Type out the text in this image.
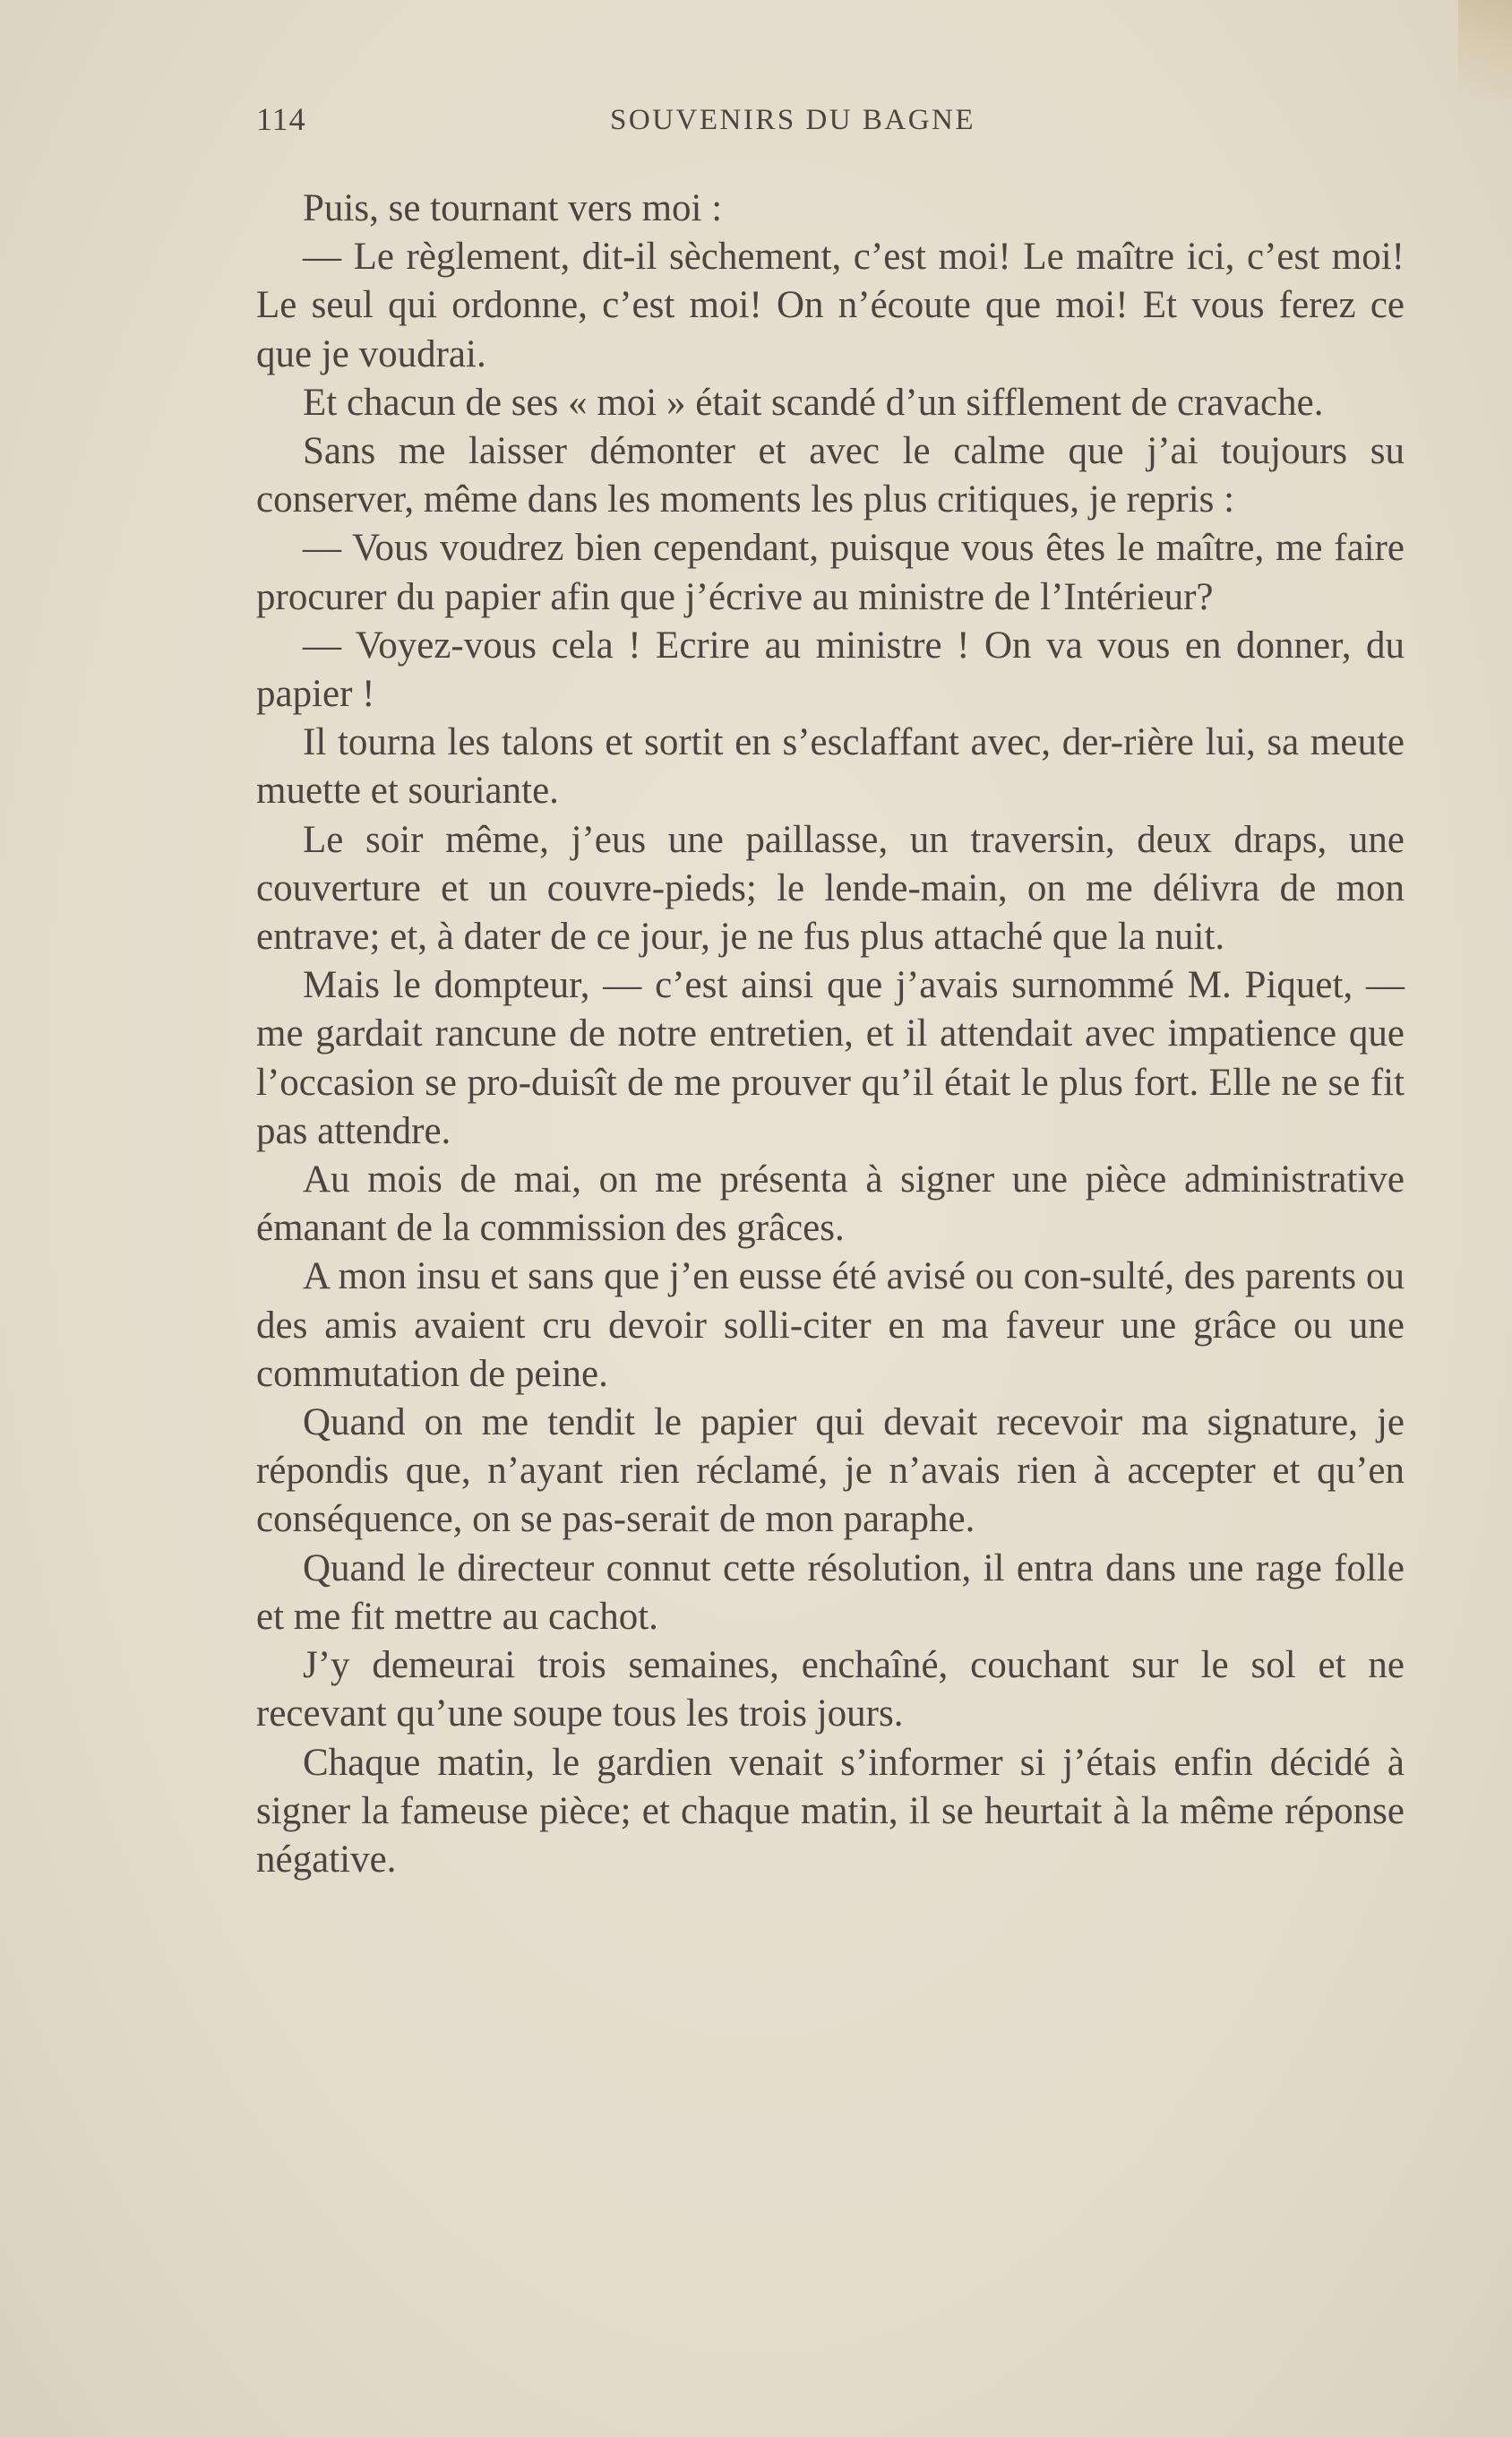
114	SOUVENIRS DU BAGNE

Puis, se tournant vers moi :

— Le règlement, dit-il sèchement, c’est moi! Le maître ici, c’est moi! Le seul qui ordonne, c’est moi! On n’écoute que moi! Et vous ferez ce que je voudrai.

Et chacun de ses « moi » était scandé d’un sifflement de cravache.

Sans me laisser démonter et avec le calme que j’ai toujours su conserver, même dans les moments les plus critiques, je repris :

— Vous voudrez bien cependant, puisque vous êtes le maître, me faire procurer du papier afin que j’écrive au ministre de l’Intérieur?

— Voyez-vous cela ! Ecrire au ministre ! On va vous en donner, du papier !

Il tourna les talons et sortit en s’esclaffant avec, der-rière lui, sa meute muette et souriante.

Le soir même, j’eus une paillasse, un traversin, deux draps, une couverture et un couvre-pieds; le lende-main, on me délivra de mon entrave; et, à dater de ce jour, je ne fus plus attaché que la nuit.

Mais le dompteur, — c’est ainsi que j’avais surnommé M. Piquet, — me gardait rancune de notre entretien, et il attendait avec impatience que l’occasion se pro-duisît de me prouver qu’il était le plus fort. Elle ne se fit pas attendre.

Au mois de mai, on me présenta à signer une pièce administrative émanant de la commission des grâces.

A mon insu et sans que j’en eusse été avisé ou con-sulté, des parents ou des amis avaient cru devoir solli-citer en ma faveur une grâce ou une commutation de peine.

Quand on me tendit le papier qui devait recevoir ma signature, je répondis que, n’ayant rien réclamé, je n’avais rien à accepter et qu’en conséquence, on se pas-serait de mon paraphe.

Quand le directeur connut cette résolution, il entra dans une rage folle et me fit mettre au cachot.

J’y demeurai trois semaines, enchaîné, couchant sur le sol et ne recevant qu’une soupe tous les trois jours.

Chaque matin, le gardien venait s’informer si j’étais enfin décidé à signer la fameuse pièce; et chaque matin, il se heurtait à la même réponse négative.
